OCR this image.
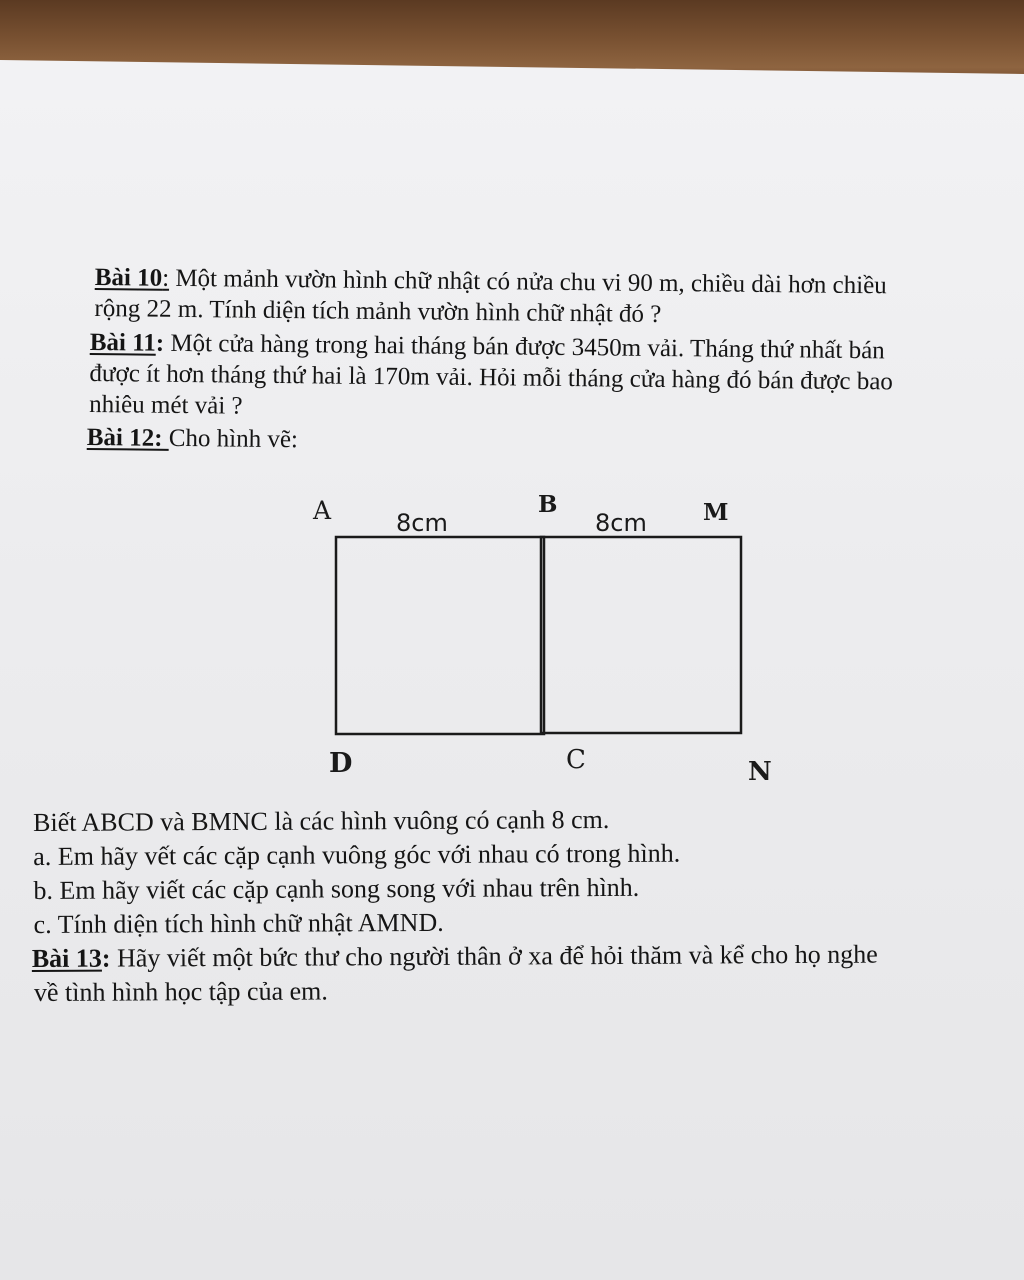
Bài 10: Một mảnh vườn hình chữ nhật có nửa chu vi 90 m, chiều dài hơn chiều

rộng 22 m. Tính diện tích mảnh vườn hình chữ nhật đó ?

Bài 11: Một cửa hàng trong hai tháng bán được 3450m vải. Tháng thứ nhất bán

được ít hơn tháng thứ hai là 170m vải. Hỏi mỗi tháng cửa hàng đó bán được bao

nhiêu mét vải ?

Bài 12: Cho hình vẽ:

A	B	M
D	C	N
8cm	8cm

Biết ABCD và BMNC là các hình vuông có cạnh 8 cm.

a. Em hãy vết các cặp cạnh vuông góc với nhau có trong hình.

b. Em hãy viết các cặp cạnh song song với nhau trên hình.

c. Tính diện tích hình chữ nhật AMND.

Bài 13: Hãy viết một bức thư cho người thân ở xa để hỏi thăm và kể cho họ nghe

về tình hình học tập của em.
